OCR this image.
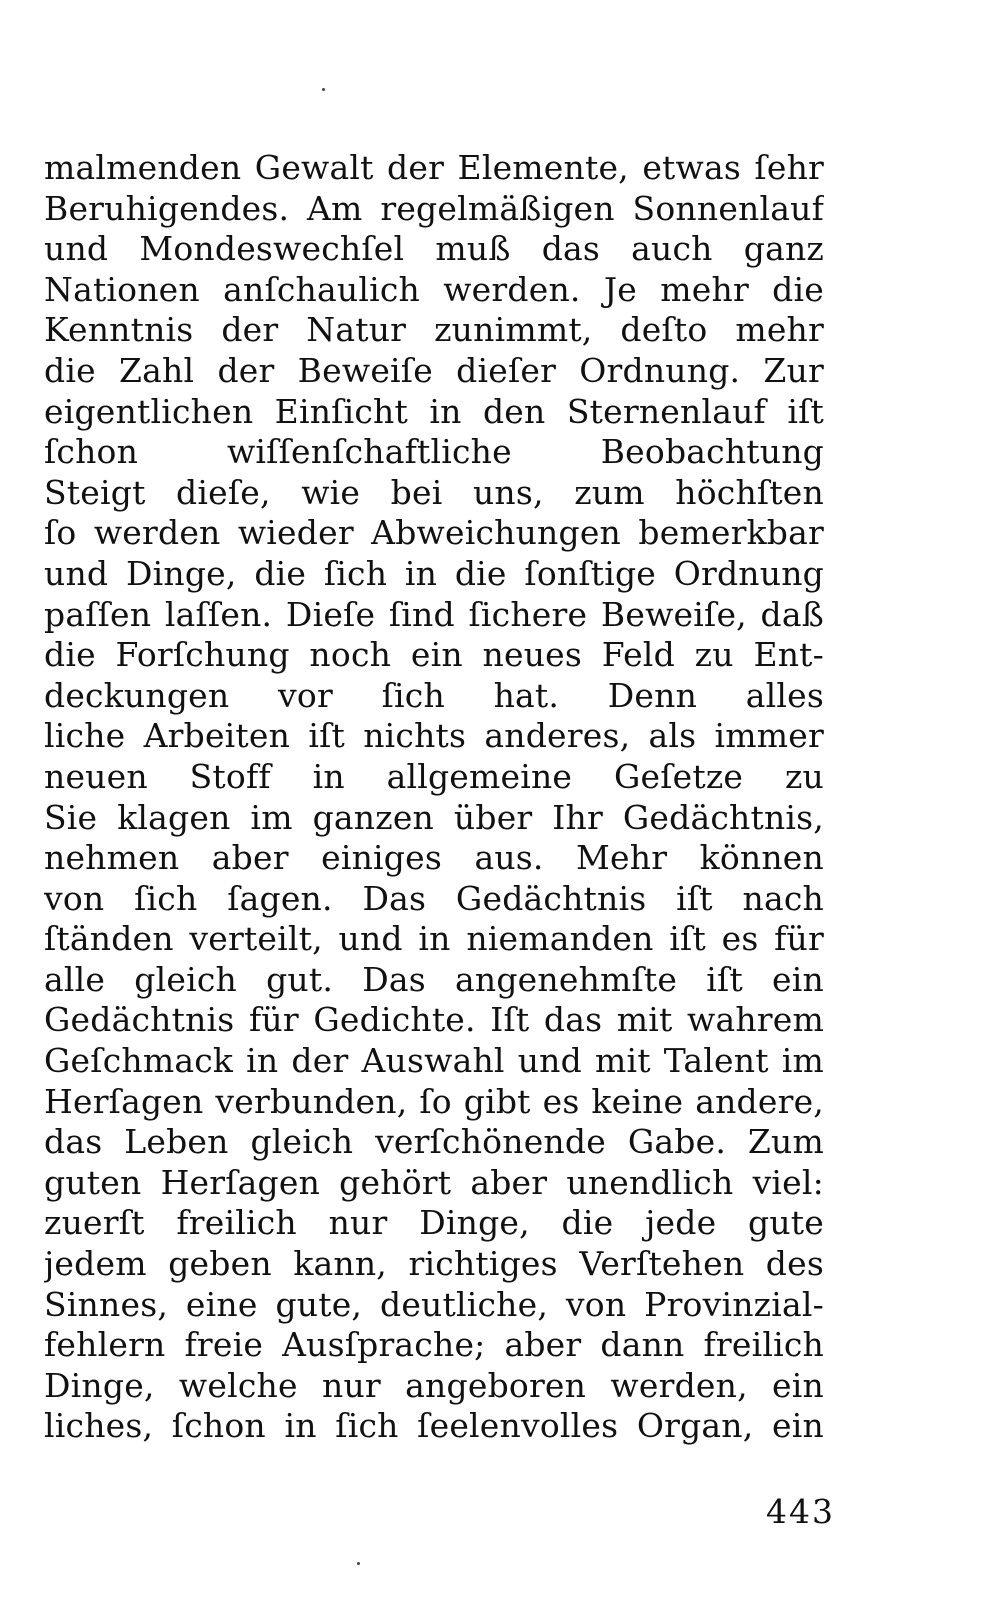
malmenden Gewalt der Elemente, etwas ſehr
Beruhigendes. Am regelmäßigen Sonnenlauf
und Mondeswechſel muß das auch ganz
Nationen anſchaulich werden. Je mehr die
Kenntnis der Natur zunimmt, deſto mehr
die Zahl der Beweiſe dieſer Ordnung. Zur
eigentlichen Einſicht in den Sternenlauf iſt
ſchon wiſſenſchaftliche Beobachtung
Steigt dieſe, wie bei uns, zum höchſten
ſo werden wieder Abweichungen bemerkbar
und Dinge, die ſich in die ſonſtige Ordnung
paſſen laſſen. Dieſe ſind ſichere Beweiſe, daß
die Forſchung noch ein neues Feld zu Ent-
deckungen vor ſich hat. Denn alles
liche Arbeiten iſt nichts anderes, als immer
neuen Stoff in allgemeine Geſetze zu
Sie klagen im ganzen über Ihr Gedächtnis,
nehmen aber einiges aus. Mehr können
von ſich ſagen. Das Gedächtnis iſt nach
ſtänden verteilt, und in niemanden iſt es für
alle gleich gut. Das angenehmſte iſt ein
Gedächtnis für Gedichte. Iſt das mit wahrem
Geſchmack in der Auswahl und mit Talent im
Herſagen verbunden, ſo gibt es keine andere,
das Leben gleich verſchönende Gabe. Zum
guten Herſagen gehört aber unendlich viel:
zuerſt freilich nur Dinge, die jede gute
jedem geben kann, richtiges Verſtehen des
Sinnes, eine gute, deutliche, von Provinzial-
fehlern freie Ausſprache; aber dann freilich
Dinge, welche nur angeboren werden, ein
liches, ſchon in ſich ſeelenvolles Organ, ein
443
